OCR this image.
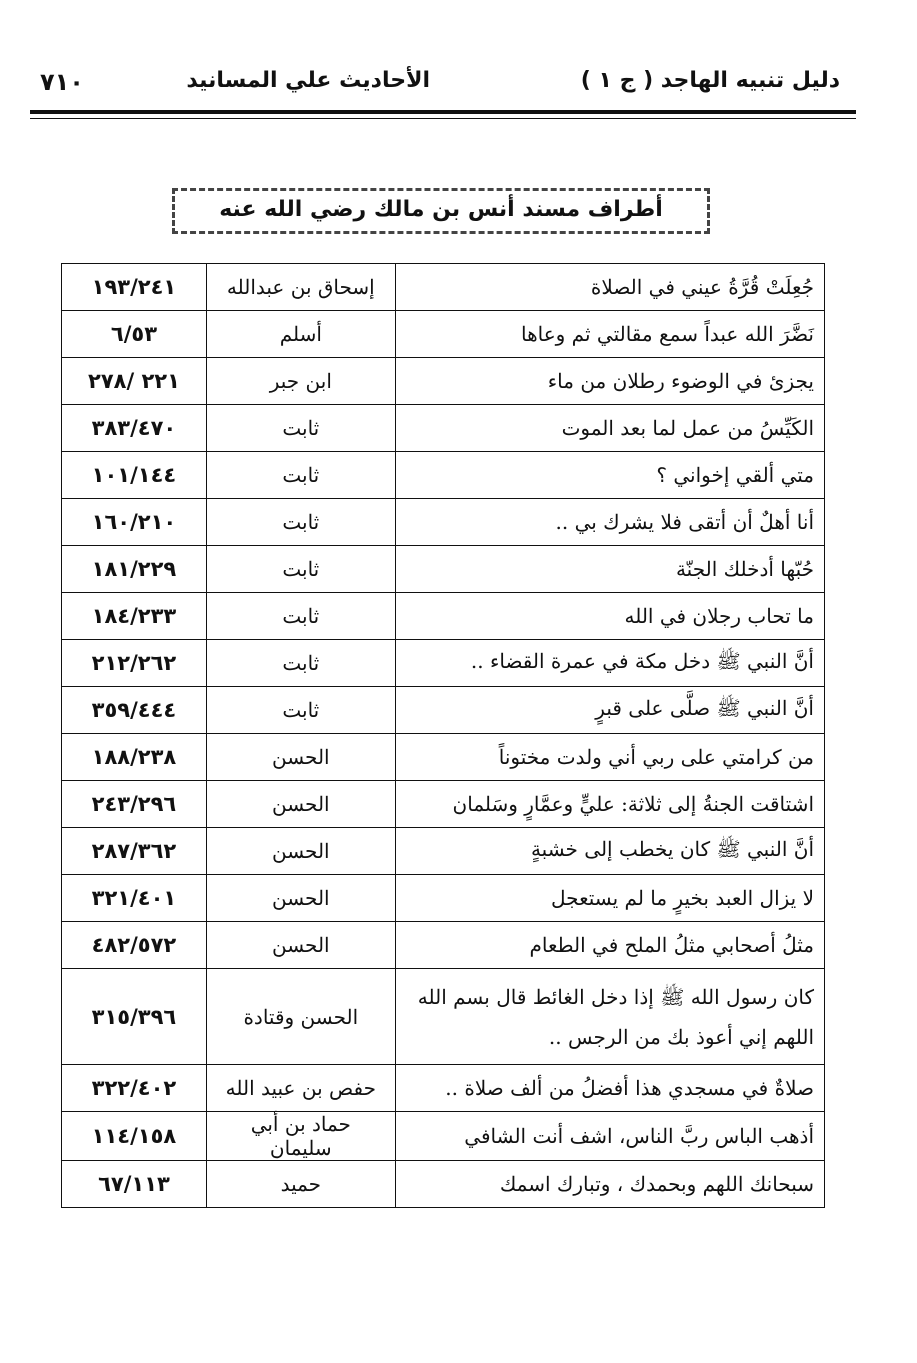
دليل تنبيه الهاجد ( ج ١ )
الأحاديث علي المسانيد
٧١٠
أطراف مسند أنس بن مالك رضي الله عنه
جُعِلَتْ قُرَّةُ عيني في الصلاة	إسحاق بن عبدالله	١٩٣/٢٤١
نَضَّرَ الله عبداً سمع مقالتي ثم وعاها	أسلم	٦/٥٣
يجزئ في الوضوء رطلان من ماء	ابن جبر	٢٢١ /٢٧٨
الكَيِّسُ من عمل لما بعد الموت	ثابت	٣٨٣/٤٧٠
متي ألقي إخواني ؟	ثابت	١٠١/١٤٤
أنا أهلٌ أن أتقى فلا يشرك بي ..	ثابت	١٦٠/٢١٠
حُبّها أدخلك الجنّة	ثابت	١٨١/٢٢٩
ما تحاب رجلان في الله	ثابت	١٨٤/٢٣٣
أنَّ النبي ﷺ دخل مكة في عمرة القضاء ..	ثابت	٢١٢/٢٦٢
أنَّ النبي ﷺ صلَّى على قبرٍ	ثابت	٣٥٩/٤٤٤
من كرامتي على ربي أني ولدت مختوناً	الحسن	١٨٨/٢٣٨
اشتاقت الجنةُ إلى ثلاثة: عليٍّ وعمَّارٍ وسَلمان	الحسن	٢٤٣/٢٩٦
أنَّ النبي ﷺ كان يخطب إلى خشبةٍ	الحسن	٢٨٧/٣٦٢
لا يزال العبد بخيرٍ ما لم يستعجل	الحسن	٣٢١/٤٠١
مثلُ أصحابي مثلُ الملح في الطعام	الحسن	٤٨٢/٥٧٢

كان رسول الله ﷺ إذا دخل الغائط قال بسم الله
اللهم إني أعوذ بك من الرجس ..	الحسن وقتادة	٣١٥/٣٩٦
صلاةٌ في مسجدي هذا أفضلُ من ألف صلاة ..	حفص بن عبيد الله	٣٢٢/٤٠٢
أذهب الباس ربَّ الناس، اشف أنت الشافي	حماد بن أبي سليمان	١١٤/١٥٨
سبحانك اللهم وبحمدك ، وتبارك اسمك	حميد	٦٧/١١٣
